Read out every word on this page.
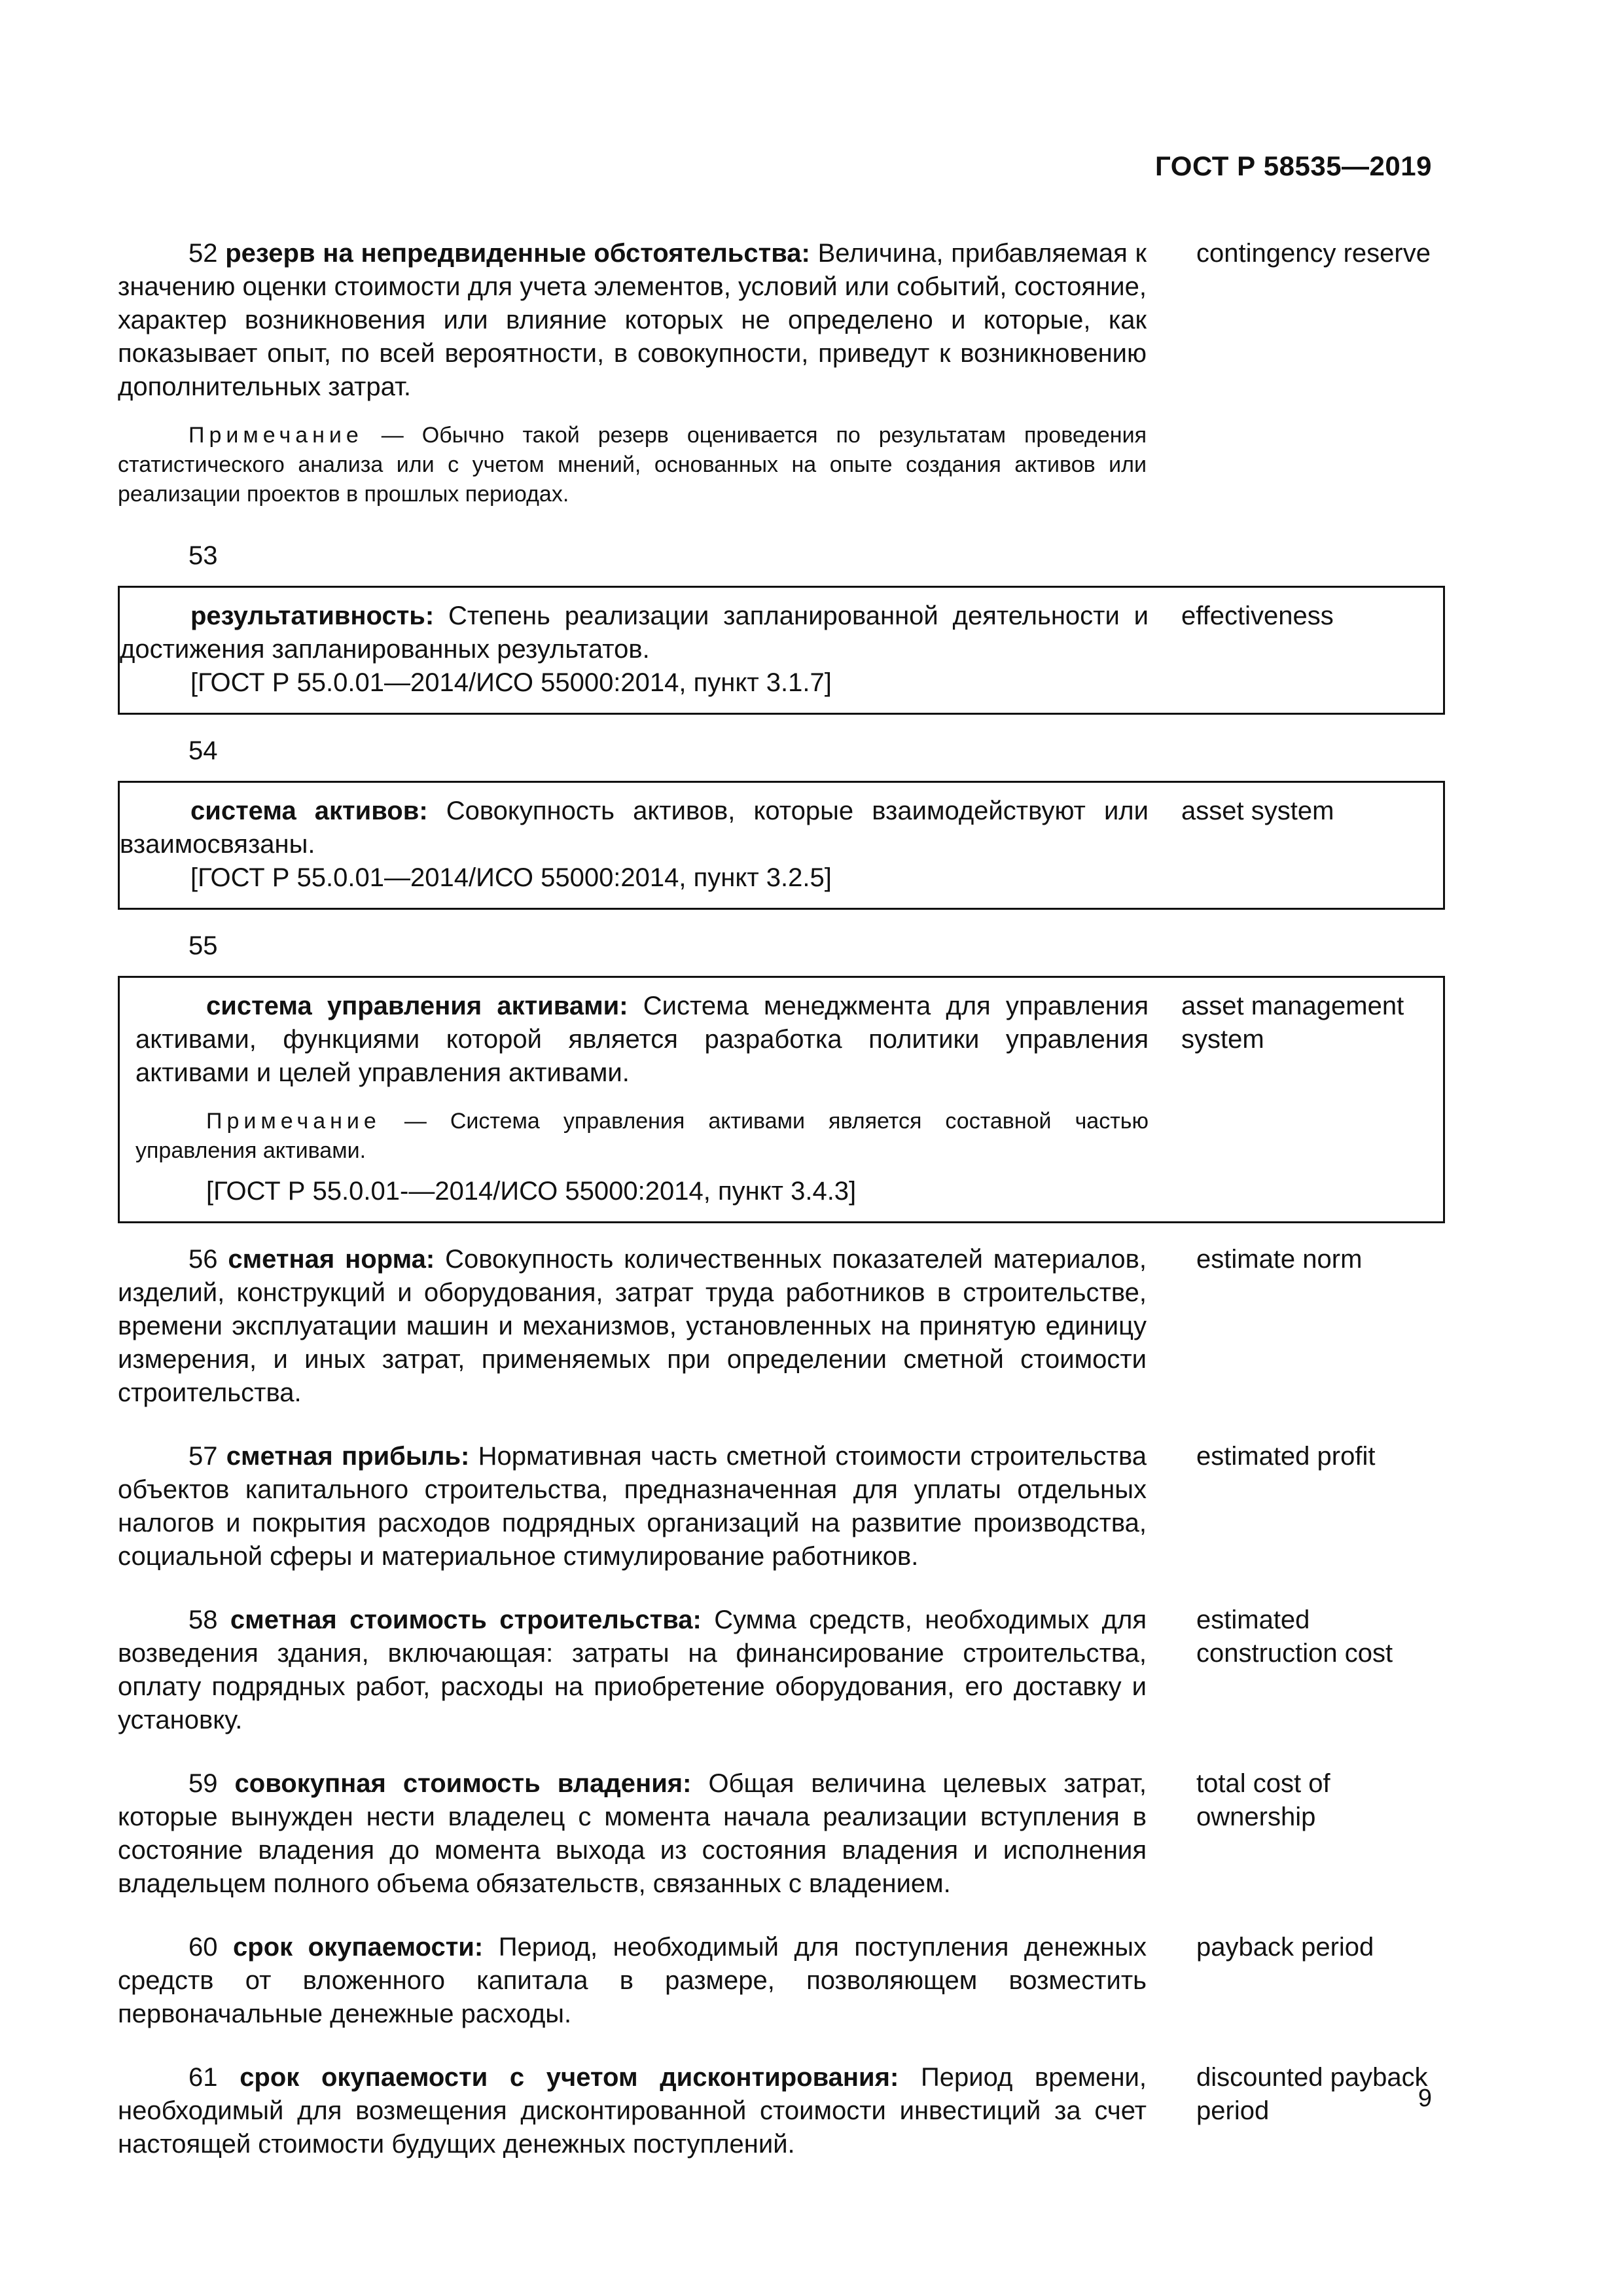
ГОСТ Р 58535—2019
52 резерв на непредвиденные обстоятельства: Величина, прибавляемая к значению оценки стоимости для учета элементов, условий или событий, состояние, характер возникновения или влияние которых не определено и которые, как показывает опыт, по всей вероятности, в совокупности, приведут к возникновению дополнительных затрат.
contingency reserve
Примечание — Обычно такой резерв оценивается по результатам проведения статистического анализа или с учетом мнений, основанных на опыте создания активов или реализации проектов в прошлых периодах.
53
результативность: Степень реализации запланированной деятельности и достижения запланированных результатов.
effectiveness
[ГОСТ Р 55.0.01—2014/ИСО 55000:2014, пункт 3.1.7]
54
система активов: Совокупность активов, которые взаимодействуют или взаимосвязаны.
asset system
[ГОСТ Р 55.0.01—2014/ИСО 55000:2014, пункт 3.2.5]
55
система управления активами: Система менеджмента для управления активами, функциями которой является разработка политики управления активами и целей управления активами.
asset management system
Примечание — Система управления активами является составной частью управления активами.
[ГОСТ Р 55.0.01-—2014/ИСО 55000:2014, пункт 3.4.3]
56 сметная норма: Совокупность количественных показателей материалов, изделий, конструкций и оборудования, затрат труда работников в строительстве, времени эксплуатации машин и механизмов, установленных на принятую единицу измерения, и иных затрат, применяемых при определении сметной стоимости строительства.
estimate norm
57 сметная прибыль: Нормативная часть сметной стоимости строительства объектов капитального строительства, предназначенная для уплаты отдельных налогов и покрытия расходов подрядных организаций на развитие производства, социальной сферы и материальное стимулирование работников.
estimated profit
58 сметная стоимость строительства: Сумма средств, необходимых для возведения здания, включающая: затраты на финансирование строительства, оплату подрядных работ, расходы на приобретение оборудования, его доставку и установку.
estimated construction cost
59 совокупная стоимость владения: Общая величина целевых затрат, которые вынужден нести владелец с момента начала реализации вступления в состояние владения до момента выхода из состояния владения и исполнения владельцем полного объема обязательств, связанных с владением.
total cost of ownership
60 срок окупаемости: Период, необходимый для поступления денежных средств от вложенного капитала в размере, позволяющем возместить первоначальные денежные расходы.
payback period
61 срок окупаемости с учетом дисконтирования: Период времени, необходимый для возмещения дисконтированной стоимости инвестиций за счет настоящей стоимости будущих денежных поступлений.
discounted payback period	9
